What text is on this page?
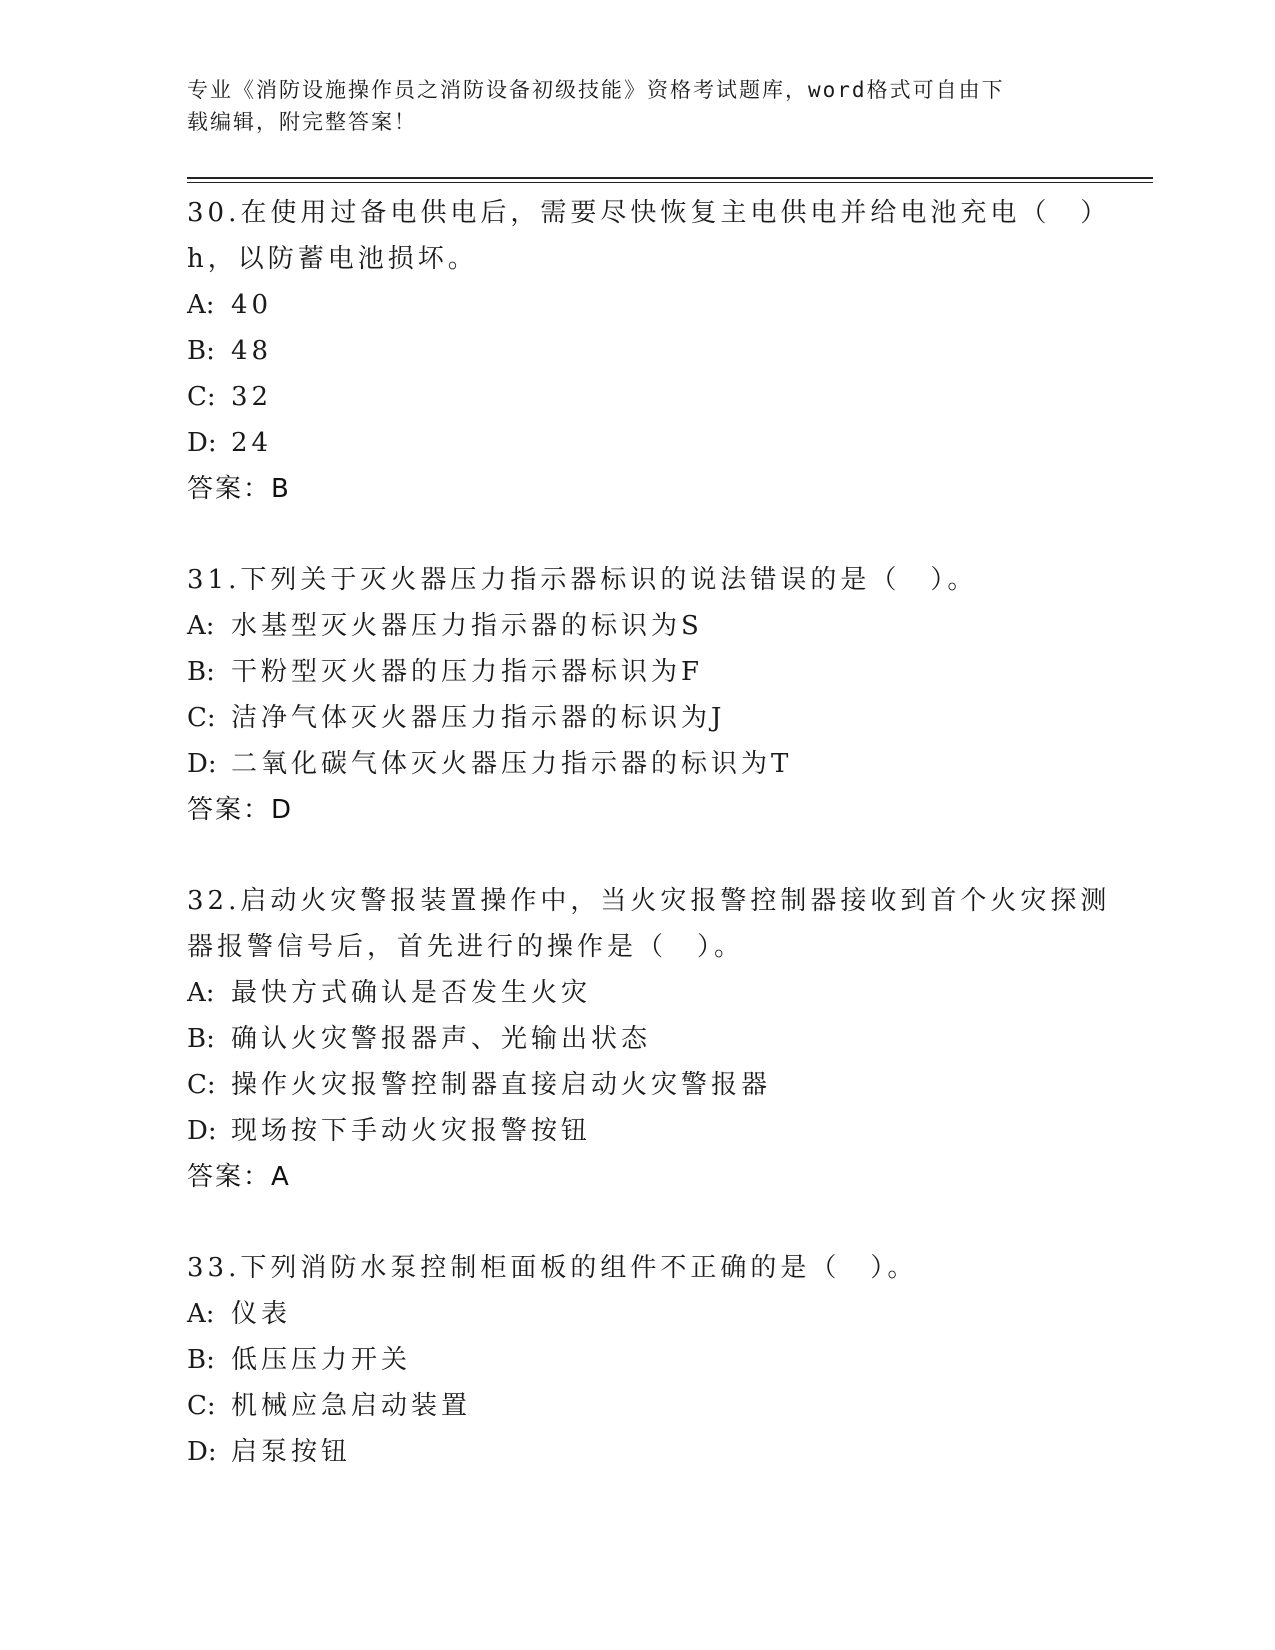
专业《消防设施操作员之消防设备初级技能》资格考试题库，word格式可自由下
载编辑，附完整答案！
30.在使用过备电供电后，需要尽快恢复主电供电并给电池充电（　）
h，以防蓄电池损坏。
A: 40
B: 48
C: 32
D: 24
答案：B
31.下列关于灭火器压力指示器标识的说法错误的是（　）。
A: 水基型灭火器压力指示器的标识为S
B: 干粉型灭火器的压力指示器标识为F
C: 洁净气体灭火器压力指示器的标识为J
D: 二氧化碳气体灭火器压力指示器的标识为T
答案：D
32.启动火灾警报装置操作中，当火灾报警控制器接收到首个火灾探测
器报警信号后，首先进行的操作是（　）。
A: 最快方式确认是否发生火灾
B: 确认火灾警报器声、光输出状态
C: 操作火灾报警控制器直接启动火灾警报器
D: 现场按下手动火灾报警按钮
答案：A
33.下列消防水泵控制柜面板的组件不正确的是（　）。
A: 仪表
B: 低压压力开关
C: 机械应急启动装置
D: 启泵按钮
